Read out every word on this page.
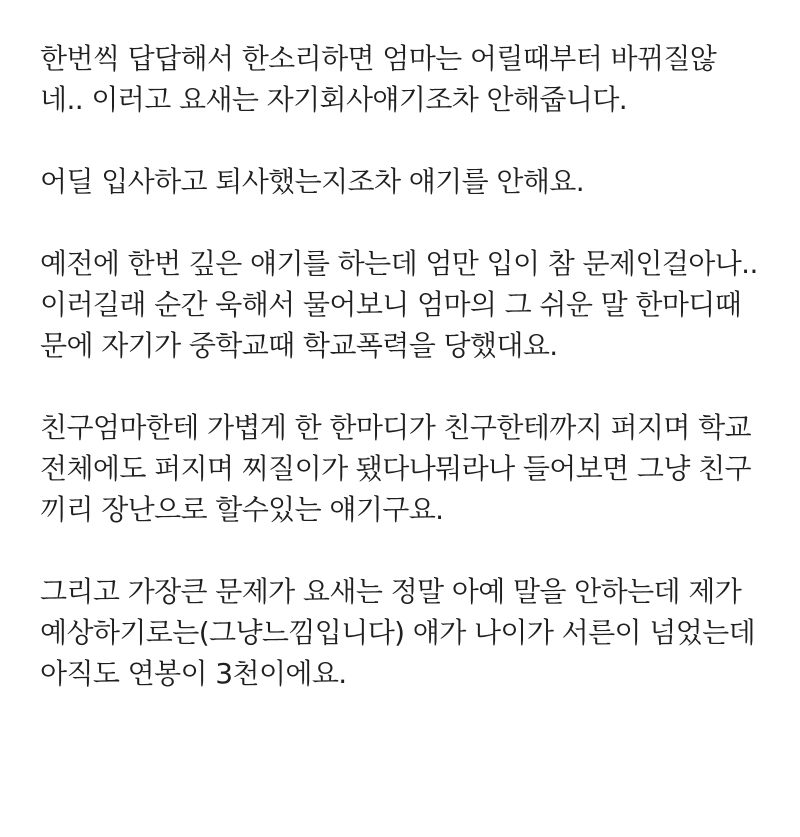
한번씩 답답해서 한소리하면 엄마는 어릴때부터 바뀌질않
네.. 이러고 요새는 자기회사얘기조차 안해줍니다.

어딜 입사하고 퇴사했는지조차 얘기를 안해요.

예전에 한번 깊은 얘기를 하는데 엄만 입이 참 문제인걸아나..
이러길래 순간 욱해서 물어보니 엄마의 그 쉬운 말 한마디때
문에 자기가 중학교때 학교폭력을 당했대요.

친구엄마한테 가볍게 한 한마디가 친구한테까지 퍼지며 학교
전체에도 퍼지며 찌질이가 됐다나뭐라나 들어보면 그냥 친구
끼리 장난으로 할수있는 얘기구요.

그리고 가장큰 문제가 요새는 정말 아예 말을 안하는데 제가
예상하기로는(그냥느낌입니다) 얘가 나이가 서른이 넘었는데
아직도 연봉이 3천이에요.
